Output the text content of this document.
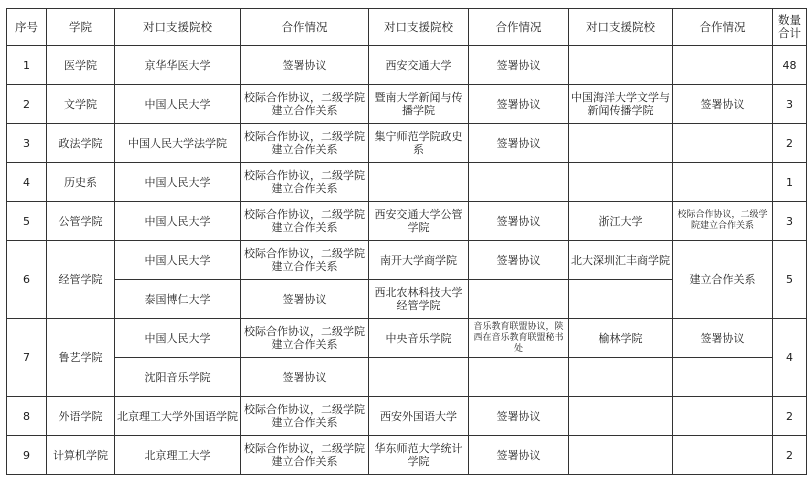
序号	学院	对口支援院校	合作情况	对口支援院校	合作情况	对口支援院校	合作情况	数量合计
1	医学院	京华华医大学	签署协议	西安交通大学	签署协议			48
2	文学院	中国人民大学	校际合作协议，二级学院建立合作关系	暨南大学新闻与传播学院	签署协议	中国海洋大学文学与新闻传播学院	签署协议	3
3	政法学院	中国人民大学法学院	校际合作协议，二级学院建立合作关系	集宁师范学院政史系	签署协议			2
4	历史系	中国人民大学	校际合作协议，二级学院建立合作关系					1
5	公管学院	中国人民大学	校际合作协议，二级学院建立合作关系	西安交通大学公管学院	签署协议	浙江大学	校际合作协议，二级学院建立合作关系	3
6	经管学院	中国人民大学	校际合作协议，二级学院建立合作关系	南开大学商学院	签署协议	北大深圳汇丰商学院	建立合作关系	5
		泰国博仁大学	签署协议	西北农林科技大学经管学院				
7	鲁艺学院	中国人民大学	校际合作协议，二级学院建立合作关系	中央音乐学院	音乐教育联盟协议，陕西在音乐教育联盟秘书处	榆林学院	签署协议	4
		沈阳音乐学院	签署协议					
8	外语学院	北京理工大学外国语学院	校际合作协议，二级学院建立合作关系	西安外国语大学	签署协议			2
9	计算机学院	北京理工大学	校际合作协议，二级学院建立合作关系	华东师范大学统计学院	签署协议			2
